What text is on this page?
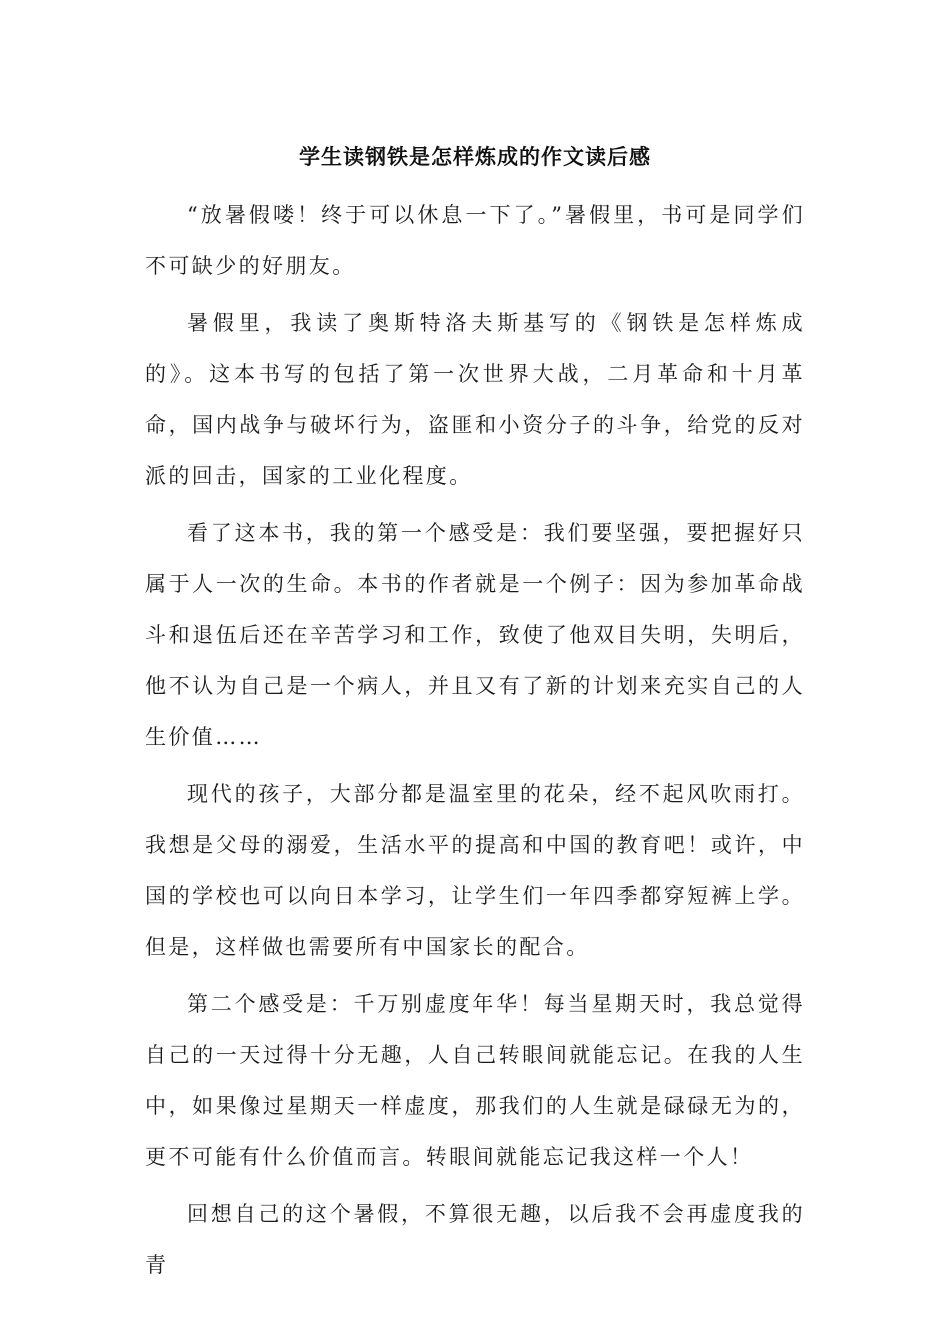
学生读钢铁是怎样炼成的作文读后感

“放暑假喽！终于可以休息一下了。”暑假里，书可是同学们不可缺少的好朋友。

暑假里，我读了奥斯特洛夫斯基写的《钢铁是怎样炼成的》。这本书写的包括了第一次世界大战，二月革命和十月革命，国内战争与破坏行为，盗匪和小资分子的斗争，给党的反对派的回击，国家的工业化程度。

看了这本书，我的第一个感受是：我们要坚强，要把握好只属于人一次的生命。本书的作者就是一个例子：因为参加革命战斗和退伍后还在辛苦学习和工作，致使了他双目失明，失明后，他不认为自己是一个病人，并且又有了新的计划来充实自己的人生价值……

现代的孩子，大部分都是温室里的花朵，经不起风吹雨打。我想是父母的溺爱，生活水平的提高和中国的教育吧！或许，中国的学校也可以向日本学习，让学生们一年四季都穿短裤上学。但是，这样做也需要所有中国家长的配合。

第二个感受是：千万别虚度年华！每当星期天时，我总觉得自己的一天过得十分无趣，人自己转眼间就能忘记。在我的人生中，如果像过星期天一样虚度，那我们的人生就是碌碌无为的，更不可能有什么价值而言。转眼间就能忘记我这样一个人！

回想自己的这个暑假，不算很无趣，以后我不会再虚度我的青
